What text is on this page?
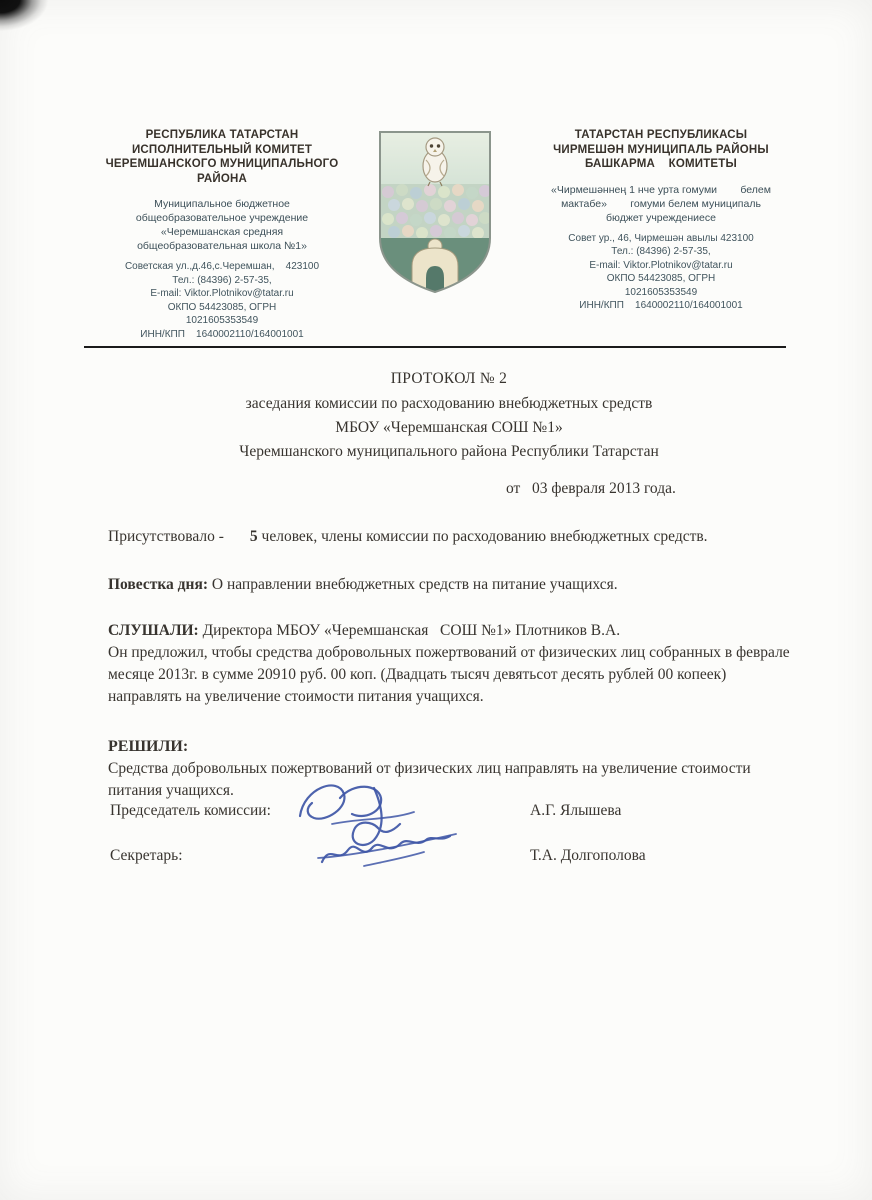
РЕСПУБЛИКА ТАТАРСТАН
ИСПОЛНИТЕЛЬНЫЙ КОМИТЕТ
ЧЕРЕМШАНСКОГО МУНИЦИПАЛЬНОГО РАЙОНА
Муниципальное бюджетное
общеобразовательное учреждение
«Черемшанская средняя
общеобразовательная школа №1»
Советская ул.,д.46,с.Черемшан,    423100
Тел.: (84396) 2-57-35,
E-mail: Viktor.Plotnikov@tatar.ru
ОКПО 54423085, ОГРН
1021605353549
ИНН/КПП    1640002110/164001001
ТАТАРСТАН РЕСПУБЛИКАСЫ
ЧИРМЕШӘН МУНИЦИПАЛЬ РАЙОНЫ
БАШКАРМА    КОМИТЕТЫ
«Чирмешәннең 1 нче урта гомуми        белем
мактабе»        гомуми белем муниципаль
бюджет учреждениесе
Совет ур., 46, Чирмешән авылы 423100
Тел.: (84396) 2-57-35,
E-mail: Viktor.Plotnikov@tatar.ru
ОКПО 54423085, ОГРН
1021605353549
ИНН/КПП    1640002110/164001001
ПРОТОКОЛ № 2
заседания комиссии по расходованию внебюджетных средств
МБОУ «Черемшанская СОШ №1»
Черемшанского муниципального района Республики Татарстан
от   03 февраля 2013 года.
Присутствовало - 5 человек, члены комиссии по расходованию внебюджетных средств.
Повестка дня: О направлении внебюджетных средств на питание учащихся.
СЛУШАЛИ: Директора МБОУ «Черемшанская   СОШ №1» Плотников В.А.
Он предложил, чтобы средства добровольных пожертвований от физических лиц собранных в феврале месяце 2013г. в сумме 20910 руб. 00 коп. (Двадцать тысяч девятьсот десять рублей 00 копеек) направлять на увеличение стоимости питания учащихся.
РЕШИЛИ:
Средства добровольных пожертвований от физических лиц направлять на увеличение стоимости питания учащихся.
Председатель комиссии:	А.Г. Ялышева
Секретарь:	Т.А. Долгополова
